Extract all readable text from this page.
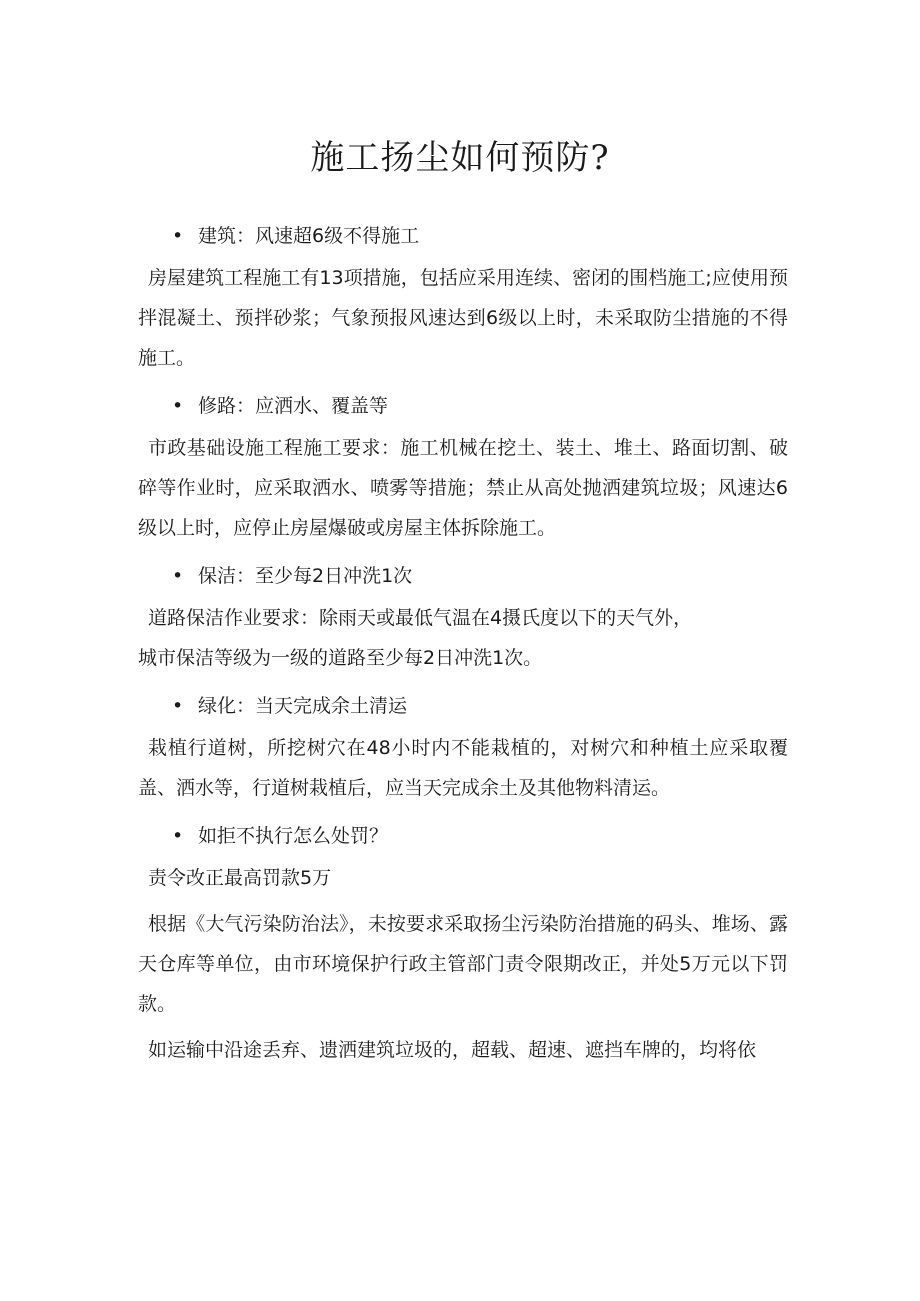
施工扬尘如何预防?
• 建筑：风速超6级不得施工

房屋建筑工程施工有13项措施，包括应采用连续、密闭的围档施工;应使用预拌混凝土、预拌砂浆；气象预报风速达到6级以上时，未采取防尘措施的不得施工。

• 修路：应洒水、覆盖等

市政基础设施工程施工要求：施工机械在挖土、装土、堆土、路面切割、破碎等作业时，应采取洒水、喷雾等措施；禁止从高处抛洒建筑垃圾；风速达6级以上时，应停止房屋爆破或房屋主体拆除施工。

• 保洁：至少每2日冲洗1次

道路保洁作业要求：除雨天或最低气温在4摄氏度以下的天气外，

城市保洁等级为一级的道路至少每2日冲洗1次。

• 绿化：当天完成余土清运

栽植行道树，所挖树穴在48小时内不能栽植的，对树穴和种植土应采取覆盖、洒水等，行道树栽植后，应当天完成余土及其他物料清运。

• 如拒不执行怎么处罚？

责令改正最高罚款5万

根据《大气污染防治法》，未按要求采取扬尘污染防治措施的码头、堆场、露天仓库等单位，由市环境保护行政主管部门责令限期改正，并处5万元以下罚款。

如运输中沿途丢弃、遗洒建筑垃圾的，超载、超速、遮挡车牌的，均将依
